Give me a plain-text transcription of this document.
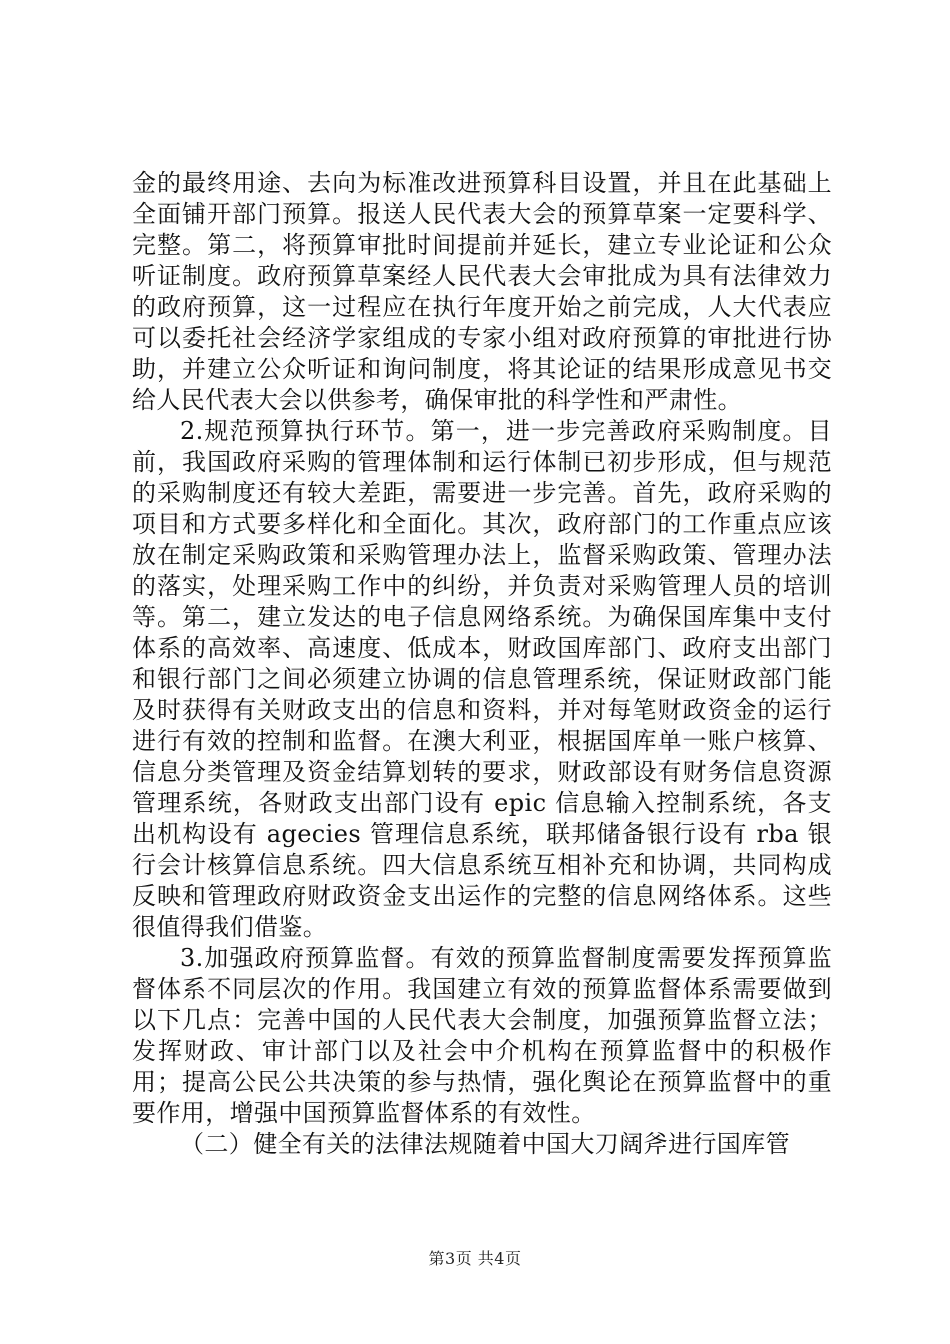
金的最终用途、去向为标准改进预算科目设置，并且在此基础上全面铺开部门预算。报送人民代表大会的预算草案一定要科学、完整。第二，将预算审批时间提前并延长，建立专业论证和公众听证制度。政府预算草案经人民代表大会审批成为具有法律效力的政府预算，这一过程应在执行年度开始之前完成，人大代表应可以委托社会经济学家组成的专家小组对政府预算的审批进行协助，并建立公众听证和询问制度，将其论证的结果形成意见书交给人民代表大会以供参考，确保审批的科学性和严肃性。

2.规范预算执行环节。第一，进一步完善政府采购制度。目前，我国政府采购的管理体制和运行体制已初步形成，但与规范的采购制度还有较大差距，需要进一步完善。首先，政府采购的项目和方式要多样化和全面化。其次，政府部门的工作重点应该放在制定采购政策和采购管理办法上，监督采购政策、管理办法的落实，处理采购工作中的纠纷，并负责对采购管理人员的培训等。第二，建立发达的电子信息网络系统。为确保国库集中支付体系的高效率、高速度、低成本，财政国库部门、政府支出部门和银行部门之间必须建立协调的信息管理系统，保证财政部门能及时获得有关财政支出的信息和资料，并对每笔财政资金的运行进行有效的控制和监督。在澳大利亚，根据国库单一账户核算、信息分类管理及资金结算划转的要求，财政部设有财务信息资源管理系统，各财政支出部门设有 epic 信息输入控制系统，各支出机构设有 agecies 管理信息系统，联邦储备银行设有 rba 银行会计核算信息系统。四大信息系统互相补充和协调，共同构成反映和管理政府财政资金支出运作的完整的信息网络体系。这些很值得我们借鉴。

3.加强政府预算监督。有效的预算监督制度需要发挥预算监督体系不同层次的作用。我国建立有效的预算监督体系需要做到以下几点：完善中国的人民代表大会制度，加强预算监督立法；发挥财政、审计部门以及社会中介机构在预算监督中的积极作用；提高公民公共决策的参与热情，强化舆论在预算监督中的重要作用，增强中国预算监督体系的有效性。

（二）健全有关的法律法规随着中国大刀阔斧进行国库管

第3页 共4页
